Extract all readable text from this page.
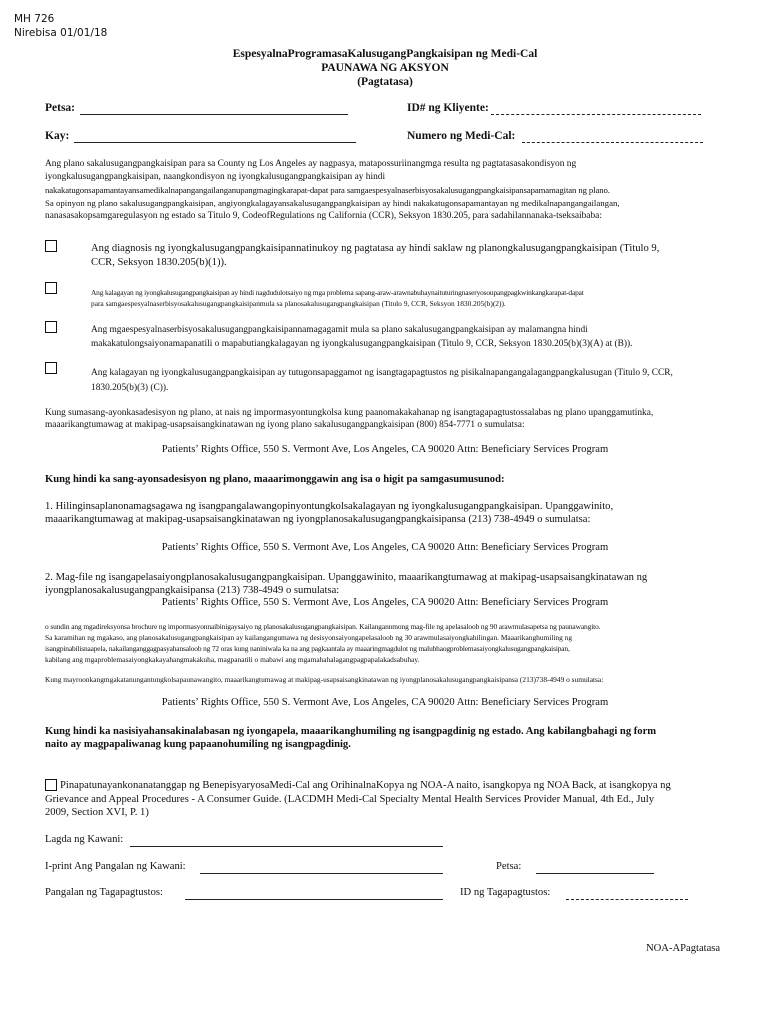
MH 726
Nirebisa 01/01/18
EspesyalnaProgramasaKalusugangPangkaisipan ng Medi-Cal
PAUNAWA NG AKSYON
(Pagtatasa)
Petsa:	ID# ng Kliyente:
Kay:	Numero ng Medi-Cal:
Ang plano sakalusugangpangkaisipan para sa County ng Los Angeles ay nagpasya, matapossuriinangmga resulta ng pagtatasasakondisyon ng
iyongkalusugangpangkaisipan, naangkondisyon ng iyongkalusugangpangkaisipan ay hindi
nakakatugonsapamantayansamedikalnapangangailanganupangmagingkarapat-dapat para samgaespesyalnaserbisyosakalusugangpangkaisipansapamamagitan ng plano.
Sa opinyon ng plano sakalusugangpangkaisipan, angiyongkalagayansakalusugangpangkaisipan ay hindi nakakatugonsapamantayan ng medikalnapangangailangan,
nanasasakopsamgaregulasyon ng estado sa Titulo 9, CodeofRegulations ng California (CCR), Seksyon 1830.205, para sadahilannanaka-tseksaibaba:
Ang diagnosis ng iyongkalusugangpangkaisipannatinukoy ng pagtatasa ay hindi saklaw ng planongkalusugangpangkaisipan (Titulo 9,
CCR, Seksyon 1830.205(b)(1)).
Ang kalagayan ng iyongkalusugangpangkaisipan ay hindi nagdudulotsaiyo ng mga problema sapang-araw-arawnabuhaynaituturingnaseryosoupangpagkwinkangkarapat-dapat
para samgaespesyalnaserbisyosakalusugangpangkaisipanmula sa planosakalusugangpangkaisipan (Titulo 9, CCR, Seksyon 1830.205(b)(2)).
Ang mgaespesyalnaserbisyosakalusugangpangkaisipannamagagamit mula sa plano sakalusugangpangkaisipan ay malamangna hindi
makakatulongsaiyonamapanatili o mapabutiangkalagayan ng iyongkalusugangpangkaisipan (Titulo 9, CCR, Seksyon 1830.205(b)(3)(A) at (B)).
Ang kalagayan ng iyongkalusugangpangkaisipan ay tutugonsapaggamot ng isangtagapagtustos ng pisikalnapangangalagangpangkalusugan (Titulo 9, CCR,
1830.205(b)(3) (C)).
Kung sumasang-ayonkasadesisyon ng plano, at nais ng impormasyontungkolsa kung paanomakakahanap ng isangtagapagtustossalabas ng plano upanggamutinka,
maaarikangtumawag at makipag-usapsaisangkinatawan ng iyong plano sakalusugangpangkaisipan (800) 854-7771 o sumulatsa:
Patients’ Rights Office, 550 S. Vermont Ave, Los Angeles, CA 90020 Attn: Beneficiary Services Program
Kung hindi ka sang-ayonsadesisyon ng plano, maaarimonggawin ang isa o higit pa samgasumusunod:
1. Hilinginsaplanonamagsagawa ng isangpangalawangopinyontungkolsakalagayan ng iyongkalusugangpangkaisipan. Upanggawinito,
maaarikangtumawag at makipag-usapsaisangkinatawan ng iyongplanosakalusugangpangkaisipansa (213) 738-4949 o sumulatsa:
Patients’ Rights Office, 550 S. Vermont Ave, Los Angeles, CA 90020 Attn: Beneficiary Services Program
2. Mag-file ng isangapelasaiyongplanosakalusugangpangkaisipan. Upanggawinito, maaarikangtumawag at makipag-usapsaisangkinatawan ng
iyongplanosakalusugangpangkaisipansa (213) 738-4949 o sumulatsa:
Patients’ Rights Office, 550 S. Vermont Ave, Los Angeles, CA 90020 Attn: Beneficiary Services Program
o sundin ang mgadireksyonsa brochure ng impormasyonnaibinigaysaiyo ng planosakalusugangpangkaisipan. Kailangannmong mag-file ng apelasaloob ng 90 arawmulasapetsa ng paunawangito.
Sa karamihan ng mgakaso, ang planosakalusugangpangkaisipan ay kailangangumawa ng desisyonsaiyongapelasaloob ng 30 arawmulasaiyongkahilingan. Maaarikanghumiling ng
isangpinabilisnaapela, nakailanganggagpasyahansaloob ng 72 oras kung naniniwala ka na ang pagkaantala ay maaaringmagdulot ng malubhaogproblemasaiyongkalusugangpangkaisipan,
kabilang ang mgaproblemasaiyongkakayahangmakakuha, magpanatili o mabawi ang mgamahahalagangpagpapalakadsabuhay.
Kung mayroonkangmgakatanungantungkolsapaunawangito, maaarikangtumawag at makipag-usapsaisangkinatawan ng iyongplanosakalusugangpangkaisipansa (213)738-4949 o sumulatsa:
Patients’ Rights Office, 550 S. Vermont Ave, Los Angeles, CA 90020 Attn: Beneficiary Services Program
Kung hindi ka nasisiyahansakinalabasan ng iyongapela, maaarikanghumiling ng isangpagdinig ng estado. Ang kabilangbahagi ng form
naito ay magpapaliwanag kung papaanohumiling ng isangpagdinig.
Pinapatunayankonanatanggap ng BenepisyaryosaMedi-Cal ang OrihinalnaKopya ng NOA-A naito, isangkopya ng NOA Back, at isangkopya ng
Grievance and Appeal Procedures - A Consumer Guide. (LACDMH Medi-Cal Specialty Mental Health Services Provider Manual, 4th Ed., July
2009, Section XVI, P. 1)
Lagda ng Kawani:
I-print Ang Pangalan ng Kawani:	Petsa:
Pangalan ng Tagapagtustos:	ID ng Tagapagtustos:
NOA-APagtatasa
